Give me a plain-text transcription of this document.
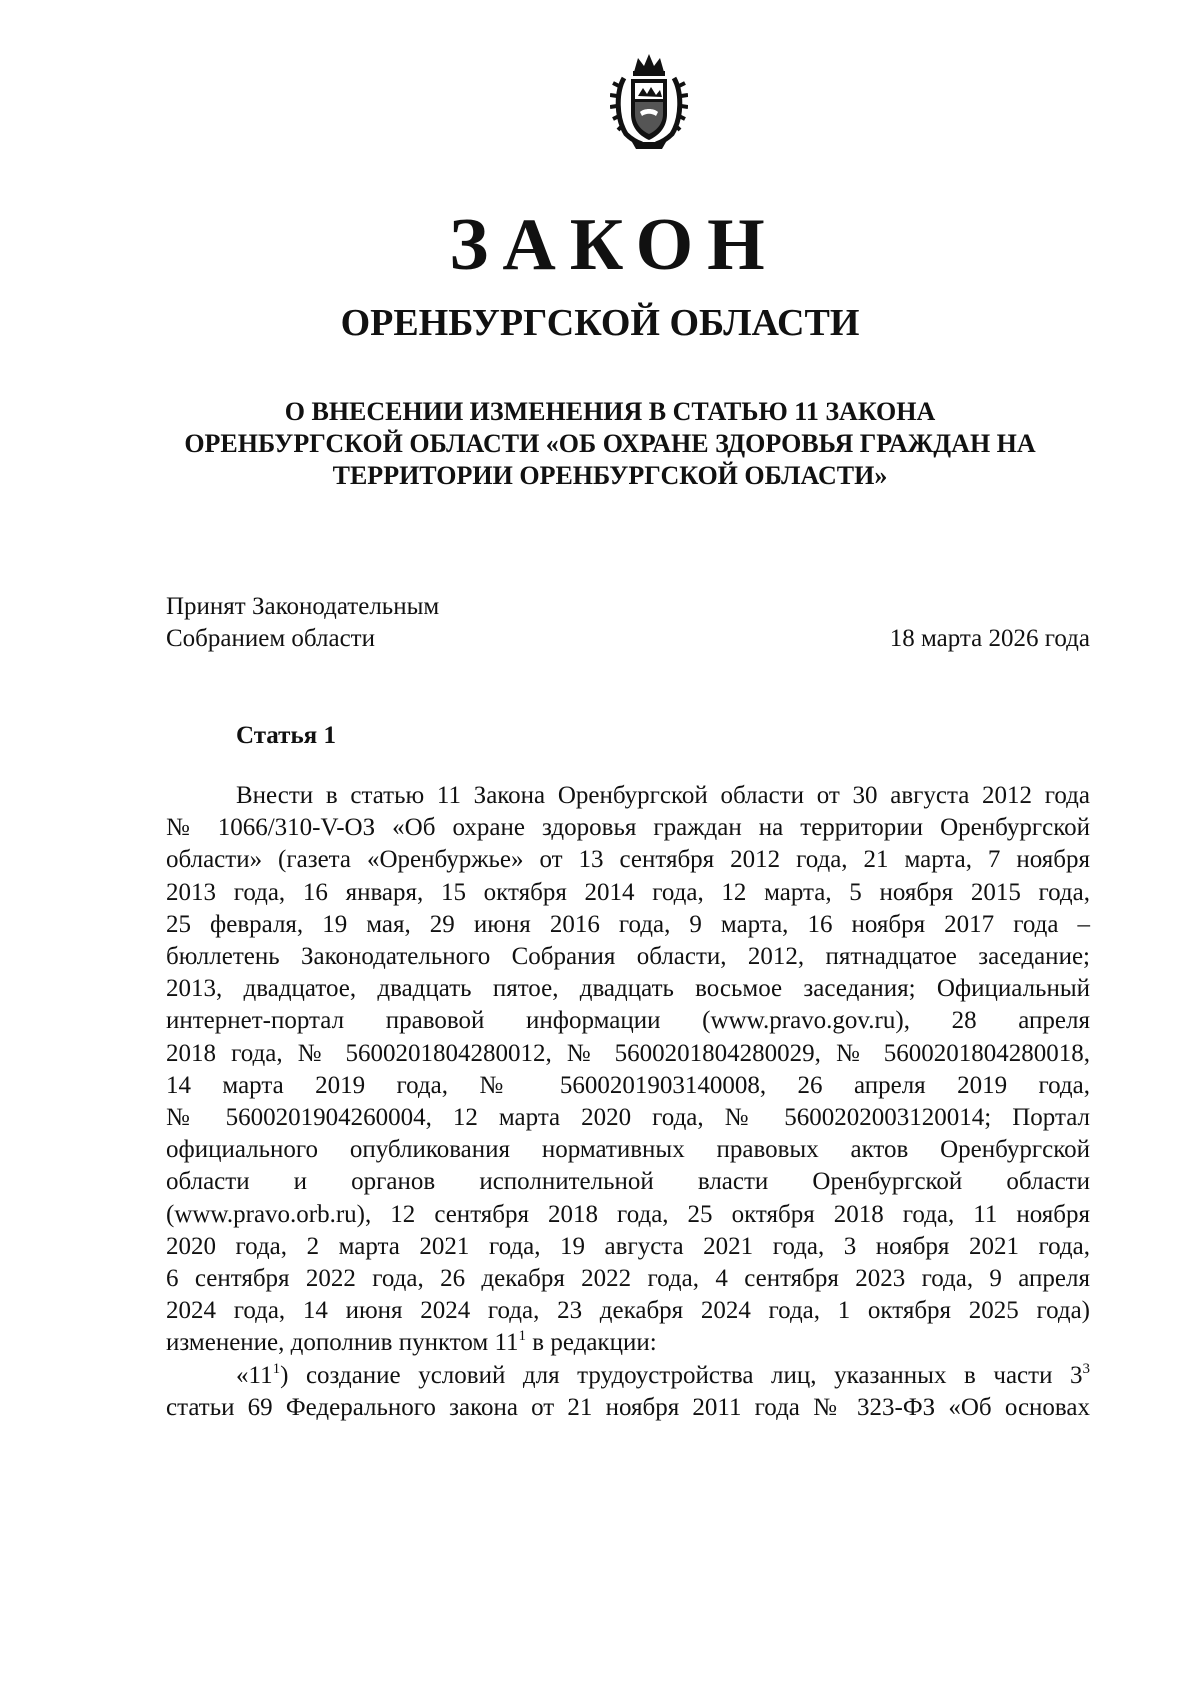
ЗАКОН
ОРЕНБУРГСКОЙ ОБЛАСТИ
О ВНЕСЕНИИ ИЗМЕНЕНИЯ В СТАТЬЮ 11 ЗАКОНА
ОРЕНБУРГСКОЙ ОБЛАСТИ «ОБ ОХРАНЕ ЗДОРОВЬЯ ГРАЖДАН НА
ТЕРРИТОРИИ ОРЕНБУРГСКОЙ ОБЛАСТИ»
Принят Законодательным
Собранием области	18 марта 2026 года
Статья 1
Внести в статью 11 Закона Оренбургской области от 30 августа 2012 года
№ 1066/310-V-ОЗ «Об охране здоровья граждан на территории Оренбургской
области» (газета «Оренбуржье» от 13 сентября 2012 года, 21 марта, 7 ноября
2013 года, 16 января, 15 октября 2014 года, 12 марта, 5 ноября 2015 года,
25 февраля, 19 мая, 29 июня 2016 года, 9 марта, 16 ноября 2017 года –
бюллетень Законодательного Собрания области, 2012, пятнадцатое заседание;
2013, двадцатое, двадцать пятое, двадцать восьмое заседания; Официальный
интернет-портал правовой информации (www.pravo.gov.ru), 28 апреля
2018 года, № 5600201804280012, № 5600201804280029, № 5600201804280018,
14 марта 2019 года, № 5600201903140008, 26 апреля 2019 года,
№ 5600201904260004, 12 марта 2020 года, № 5600202003120014; Портал
официального опубликования нормативных правовых актов Оренбургской
области и органов исполнительной власти Оренбургской области
(www.pravo.orb.ru), 12 сентября 2018 года, 25 октября 2018 года, 11 ноября
2020 года, 2 марта 2021 года, 19 августа 2021 года, 3 ноября 2021 года,
6 сентября 2022 года, 26 декабря 2022 года, 4 сентября 2023 года, 9 апреля
2024 года, 14 июня 2024 года, 23 декабря 2024 года, 1 октября 2025 года)
изменение, дополнив пунктом $11^1$ в редакции:
«$11^1$) создание условий для трудоустройства лиц, указанных в части $3^3$
статьи 69 Федерального закона от 21 ноября 2011 года № 323-ФЗ «Об основах
